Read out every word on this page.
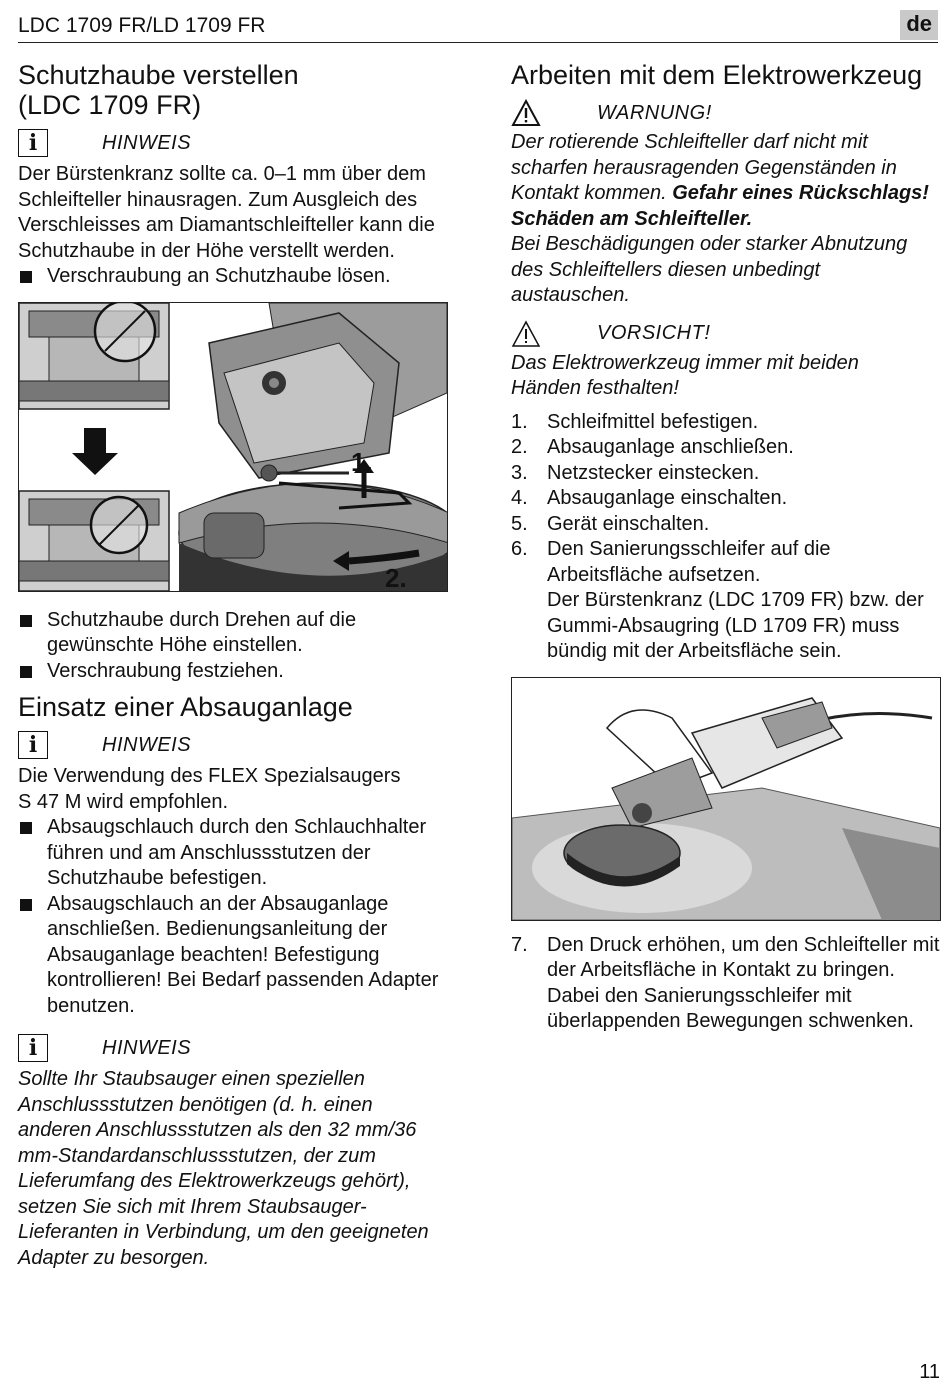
LDC 1709 FR/LD 1709 FR	de
Schutzhaube verstellen
(LDC 1709 FR)
i	HINWEIS

Der Bürstenkranz sollte ca. 0–1 mm über dem Schleifteller hinausragen. Zum Ausgleich des Verschleisses am Diamantschleifteller kann die Schutzhaube in der Höhe verstellt werden.

Verschraubung an Schutzhaube lösen.
1.
2.
Schutzhaube durch Drehen auf die gewünschte Höhe einstellen.
Verschraubung festziehen.
Einsatz einer Absauganlage
i	HINWEIS

Die Verwendung des FLEX Spezialsaugers S 47 M wird empfohlen.

Absaugschlauch durch den Schlauchhalter führen und am Anschlussstutzen der Schutzhaube befestigen.
Absaugschlauch an der Absauganlage anschließen. Bedienungsanleitung der Absauganlage beachten! Befestigung kontrollieren! Bei Bedarf passenden Adapter benutzen.
i	HINWEIS

Sollte Ihr Staubsauger einen speziellen Anschlussstutzen benötigen (d. h. einen anderen Anschlussstutzen als den 32 mm/36 mm-Standardanschlussstutzen, der zum Lieferumfang des Elektrowerkzeugs gehört), setzen Sie sich mit Ihrem Staubsauger-Lieferanten in Verbindung, um den geeigneten Adapter zu besorgen.

Arbeiten mit dem Elektrowerkzeug
WARNUNG!

Der rotierende Schleifteller darf nicht mit scharfen herausragenden Gegenständen in Kontakt kommen. Gefahr eines Rückschlags! Schäden am Schleifteller.
Bei Beschädigungen oder starker Abnutzung des Schleiftellers diesen unbedingt austauschen.

VORSICHT!

Das Elektrowerkzeug immer mit beiden Händen festhalten!

1. Schleifmittel befestigen.
2. Absauganlage anschließen.
3. Netzstecker einstecken.
4. Absauganlage einschalten.
5. Gerät einschalten.
6. Den Sanierungsschleifer auf die Arbeitsfläche aufsetzen.
Der Bürstenkranz (LDC 1709 FR) bzw. der Gummi-Absaugring (LD 1709 FR) muss bündig mit der Arbeitsfläche sein.
7. Den Druck erhöhen, um den Schleifteller mit der Arbeitsfläche in Kontakt zu bringen. Dabei den Sanierungsschleifer mit überlappenden Bewegungen schwenken.
11
